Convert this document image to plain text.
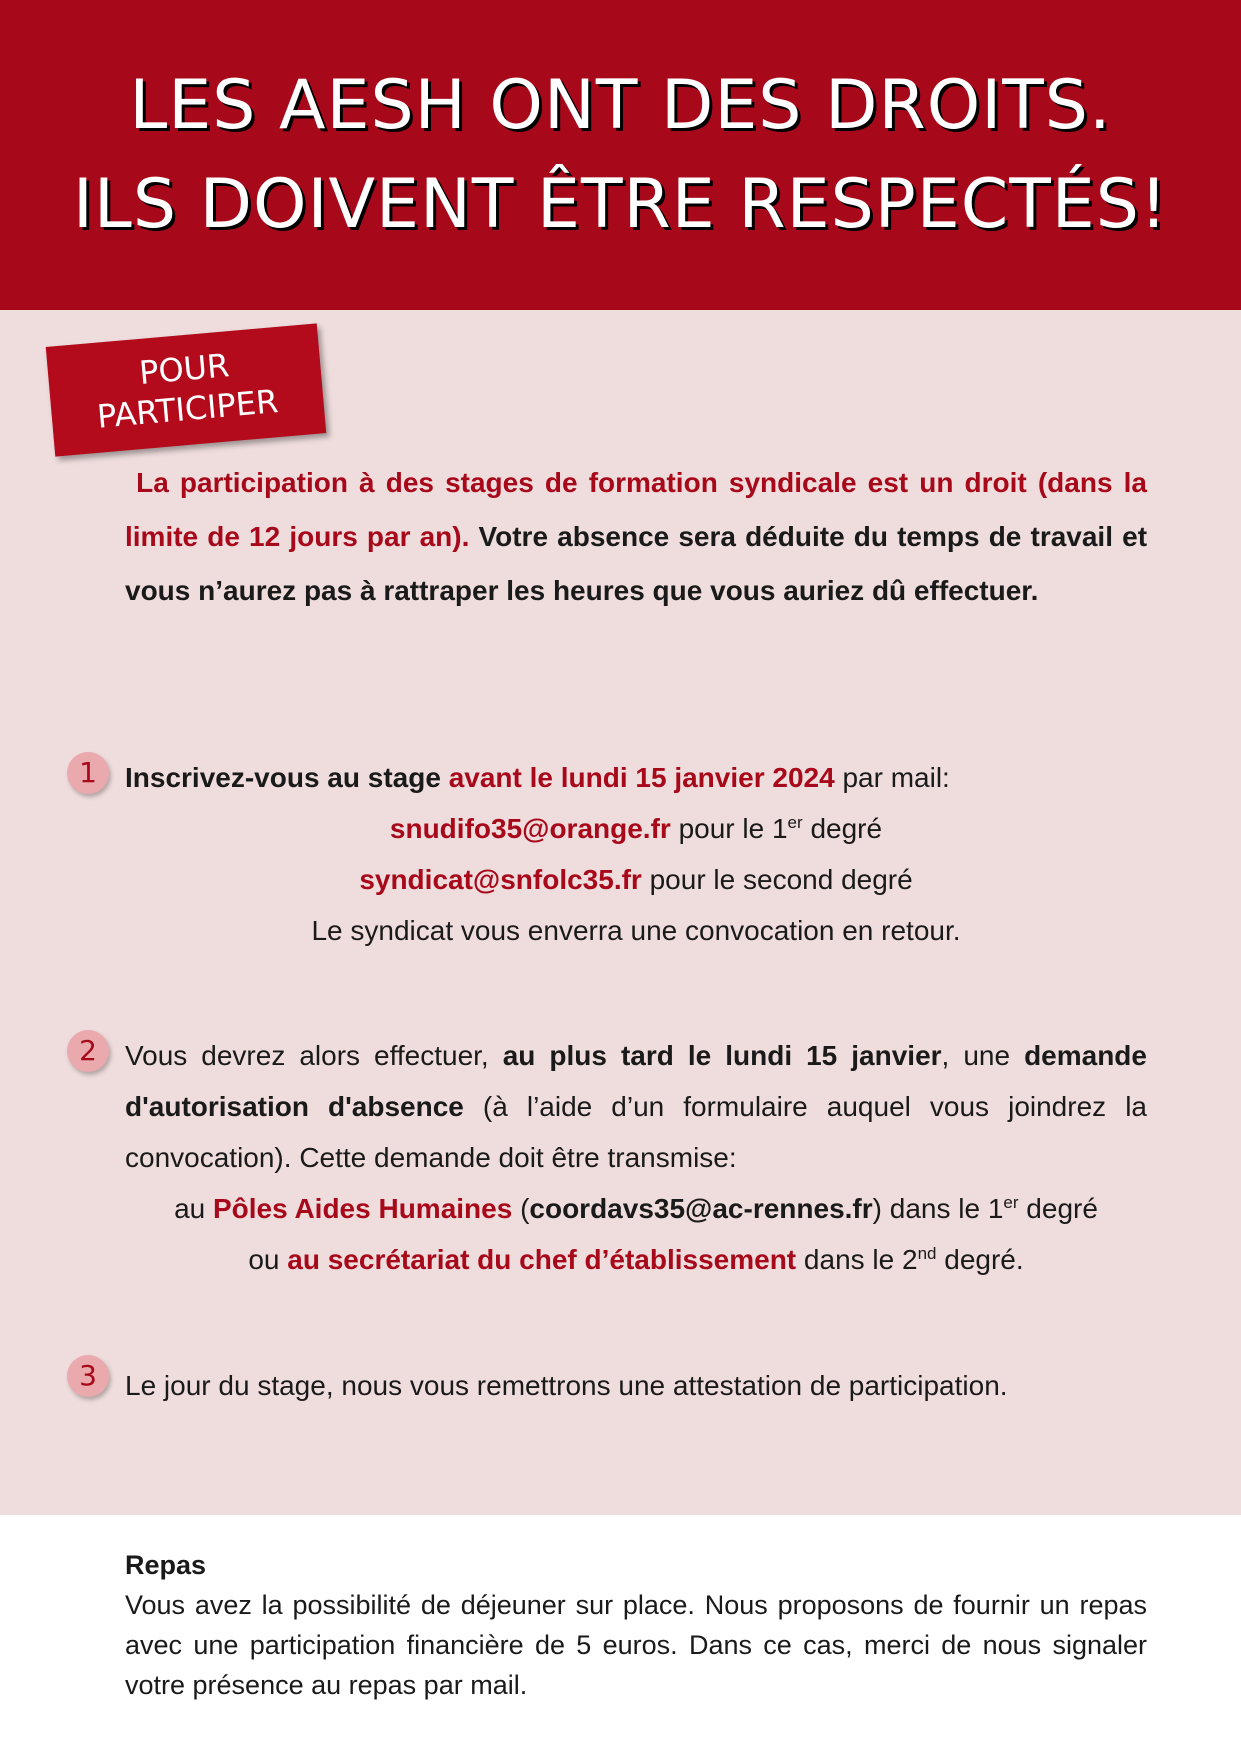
LES AESH ONT DES DROITS.
ILS DOIVENT ÊTRE RESPECTÉS!
POUR
PARTICIPER
La participation à des stages de formation syndicale est un droit (dans la limite de 12 jours par an). Votre absence sera déduite du temps de travail et vous n’aurez pas à rattraper les heures que vous auriez dû effectuer.
1	Inscrivez-vous au stage avant le lundi 15 janvier 2024 par mail:
snudifo35@orange.fr pour le 1er degré
syndicat@snfolc35.fr pour le second degré
Le syndicat vous enverra une convocation en retour.
2	Vous devrez alors effectuer, au plus tard le lundi 15 janvier, une demande d'autorisation d'absence (à l’aide d’un formulaire auquel vous joindrez la convocation). Cette demande doit être transmise:
au Pôles Aides Humaines (coordavs35@ac-rennes.fr) dans le 1er degré
ou au secrétariat du chef d’établissement dans le 2nd degré.
3	Le jour du stage, nous vous remettrons une attestation de participation.
Repas
Vous avez la possibilité de déjeuner sur place. Nous proposons de fournir un repas avec une participation financière de 5 euros. Dans ce cas, merci de nous signaler votre présence au repas par mail.
